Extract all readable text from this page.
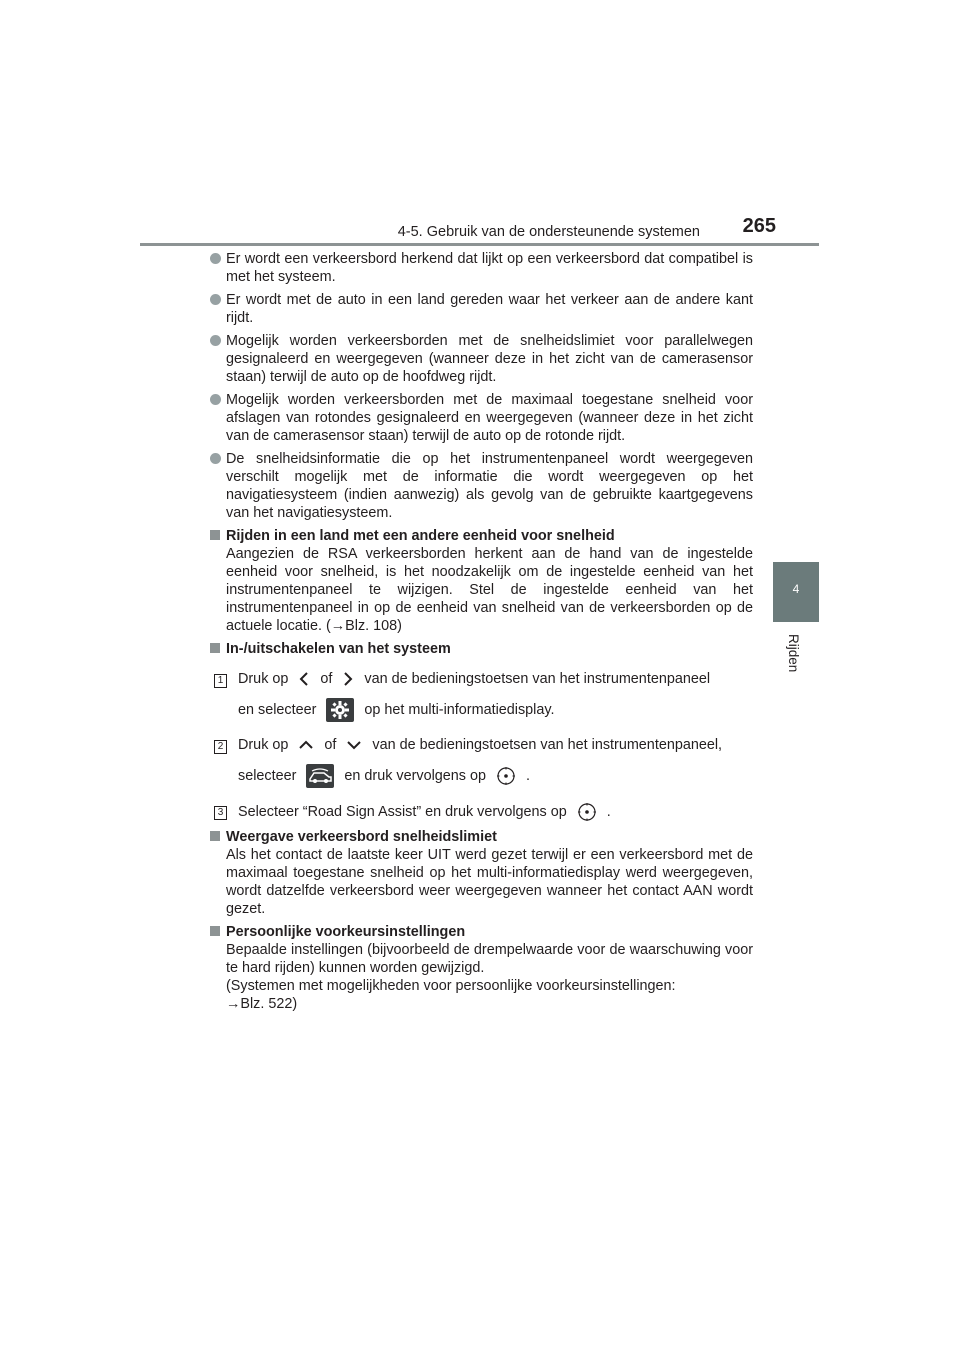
4-5. Gebruik van de ondersteunende systemen 265
4
Rijden
Er wordt een verkeersbord herkend dat lijkt op een verkeersbord dat compatibel is met het systeem.
Er wordt met de auto in een land gereden waar het verkeer aan de andere kant rijdt.
Mogelijk worden verkeersborden met de snelheidslimiet voor parallelwegen gesignaleerd en weergegeven (wanneer deze in het zicht van de camerasensor staan) terwijl de auto op de hoofdweg rijdt.
Mogelijk worden verkeersborden met de maximaal toegestane snelheid voor afslagen van rotondes gesignaleerd en weergegeven (wanneer deze in het zicht van de camerasensor staan) terwijl de auto op de rotonde rijdt.
De snelheidsinformatie die op het instrumentenpaneel wordt weergegeven verschilt mogelijk met de informatie die wordt weergegeven op het navigatiesysteem (indien aanwezig) als gevolg van de gebruikte kaartgegevens van het navigatiesysteem.
Rijden in een land met een andere eenheid voor snelheid
Aangezien de RSA verkeersborden herkent aan de hand van de ingestelde eenheid voor snelheid, is het noodzakelijk om de ingestelde eenheid van het instrumentenpaneel te wijzigen. Stel de ingestelde eenheid van het instrumentenpaneel in op de eenheid van snelheid van de verkeersborden op de actuele locatie. (→Blz. 108)
In-/uitschakelen van het systeem
1 Druk op of van de bedieningstoetsen van het instrumentenpaneel
en selecteer	op het multi-informatiedisplay.
2 Druk op	of	van de bedieningstoetsen van het instrumentenpaneel,
selecteer	en druk vervolgens op	.
3 Selecteer “Road Sign Assist” en druk vervolgens op	.
Weergave verkeersbord snelheidslimiet
Als het contact de laatste keer UIT werd gezet terwijl er een verkeersbord met de maximaal toegestane snelheid op het multi-informatiedisplay werd weergegeven, wordt datzelfde verkeersbord weer weergegeven wanneer het contact AAN wordt gezet.
Persoonlijke voorkeursinstellingen
Bepaalde instellingen (bijvoorbeeld de drempelwaarde voor de waarschuwing voor te hard rijden) kunnen worden gewijzigd.
(Systemen met mogelijkheden voor persoonlijke voorkeursinstellingen:
→Blz. 522)
